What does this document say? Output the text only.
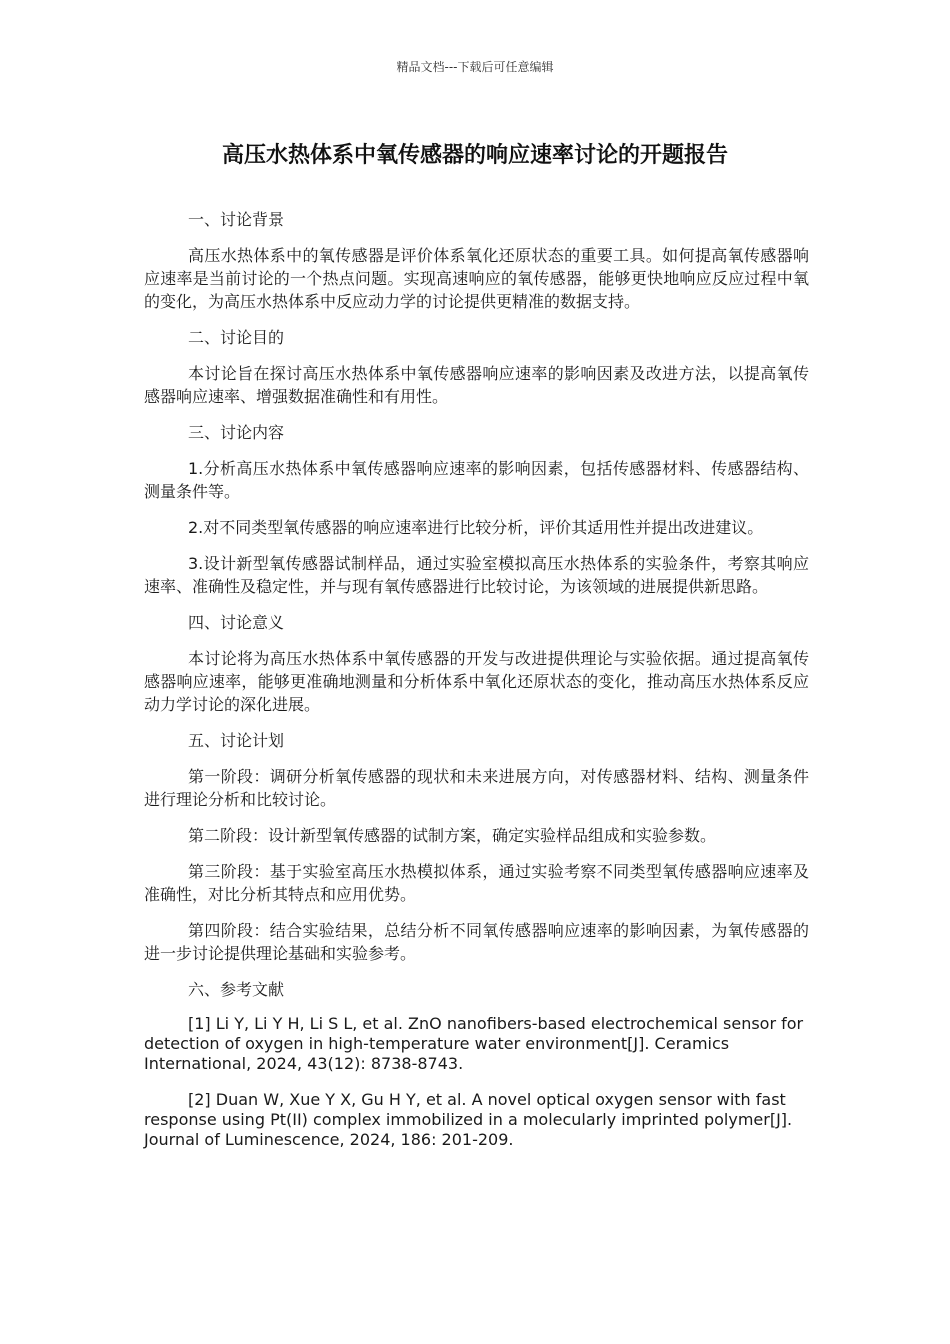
精品文档---下载后可任意编辑
高压水热体系中氧传感器的响应速率讨论的开题报告

一、讨论背景

高压水热体系中的氧传感器是评价体系氧化还原状态的重要工具。如何提高氧传感器响应速率是当前讨论的一个热点问题。实现高速响应的氧传感器，能够更快地响应反应过程中氧的变化，为高压水热体系中反应动力学的讨论提供更精准的数据支持。

二、讨论目的

本讨论旨在探讨高压水热体系中氧传感器响应速率的影响因素及改进方法，以提高氧传感器响应速率、增强数据准确性和有用性。

三、讨论内容

1.分析高压水热体系中氧传感器响应速率的影响因素，包括传感器材料、传感器结构、测量条件等。

2.对不同类型氧传感器的响应速率进行比较分析，评价其适用性并提出改进建议。

3.设计新型氧传感器试制样品，通过实验室模拟高压水热体系的实验条件，考察其响应速率、准确性及稳定性，并与现有氧传感器进行比较讨论，为该领域的进展提供新思路。

四、讨论意义

本讨论将为高压水热体系中氧传感器的开发与改进提供理论与实验依据。通过提高氧传感器响应速率，能够更准确地测量和分析体系中氧化还原状态的变化，推动高压水热体系反应动力学讨论的深化进展。

五、讨论计划

第一阶段：调研分析氧传感器的现状和未来进展方向，对传感器材料、结构、测量条件进行理论分析和比较讨论。

第二阶段：设计新型氧传感器的试制方案，确定实验样品组成和实验参数。

第三阶段：基于实验室高压水热模拟体系，通过实验考察不同类型氧传感器响应速率及准确性，对比分析其特点和应用优势。

第四阶段：结合实验结果，总结分析不同氧传感器响应速率的影响因素，为氧传感器的进一步讨论提供理论基础和实验参考。

六、参考文献

[1] Li Y, Li Y H, Li S L, et al. ZnO nanofibers-based electrochemical sensor for detection of oxygen in high-temperature water environment[J]. Ceramics International, 2024, 43(12): 8738-8743.

[2] Duan W, Xue Y X, Gu H Y, et al. A novel optical oxygen sensor with fast response using Pt(II) complex immobilized in a molecularly imprinted polymer[J]. Journal of Luminescence, 2024, 186: 201-209.
